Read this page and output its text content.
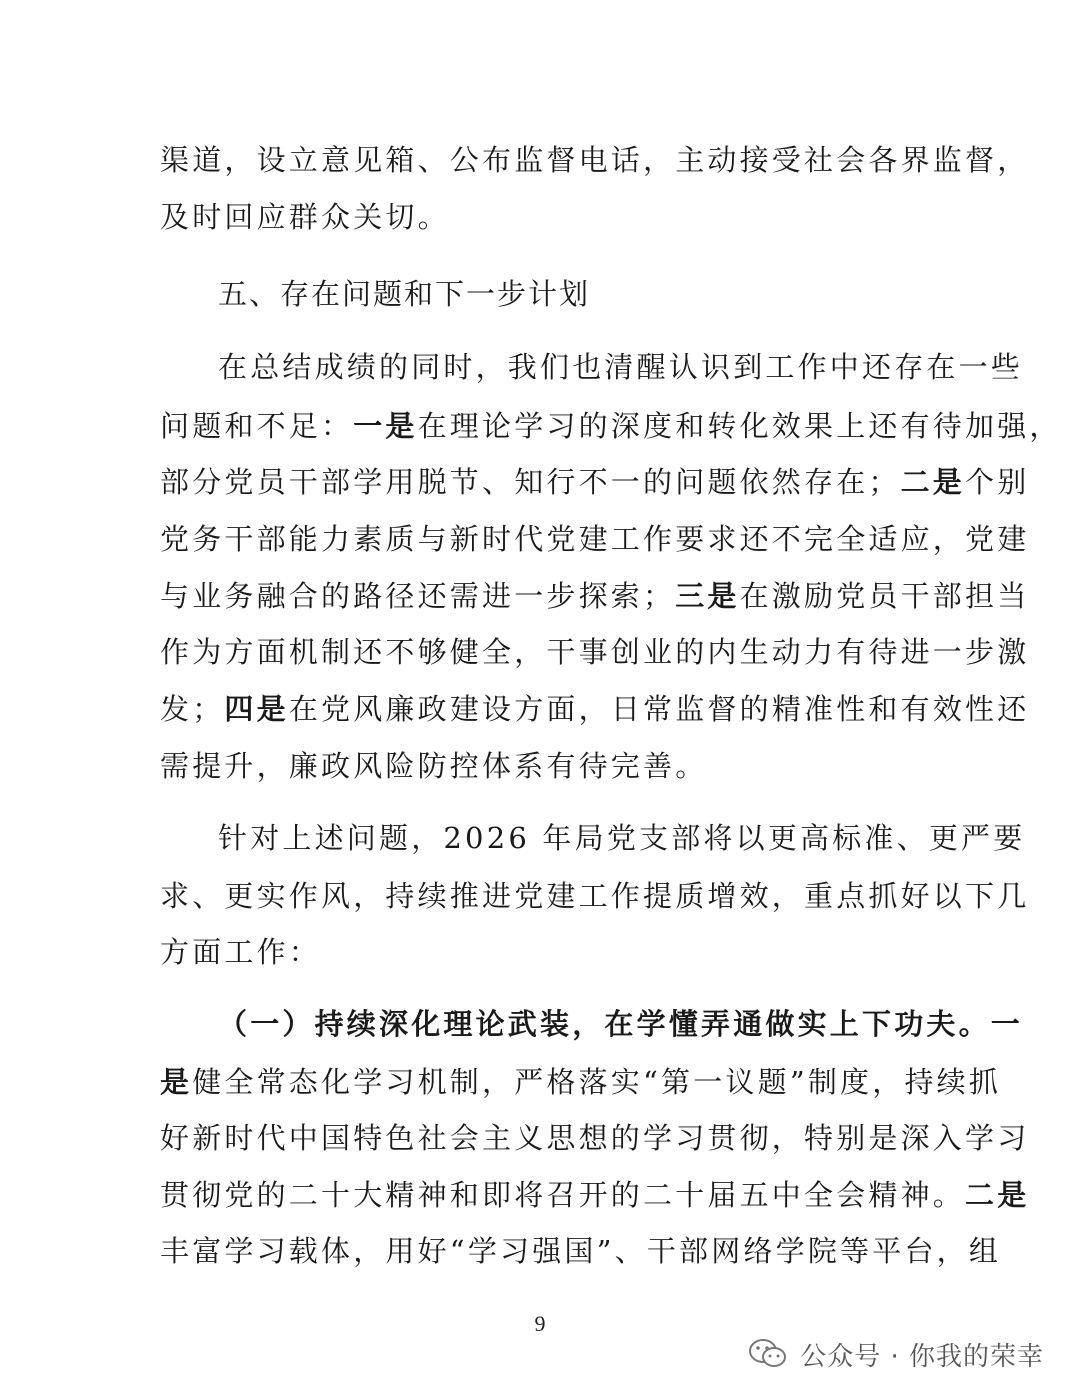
渠道，设立意见箱、公布监督电话，主动接受社会各界监督，
及时回应群众关切。
五、存在问题和下一步计划
在总结成绩的同时，我们也清醒认识到工作中还存在一些
问题和不足：一是在理论学习的深度和转化效果上还有待加强，
部分党员干部学用脱节、知行不一的问题依然存在；二是个别
党务干部能力素质与新时代党建工作要求还不完全适应，党建
与业务融合的路径还需进一步探索；三是在激励党员干部担当
作为方面机制还不够健全，干事创业的内生动力有待进一步激
发；四是在党风廉政建设方面，日常监督的精准性和有效性还
需提升，廉政风险防控体系有待完善。
针对上述问题，2026 年局党支部将以更高标准、更严要
求、更实作风，持续推进党建工作提质增效，重点抓好以下几
方面工作：
（一）持续深化理论武装，在学懂弄通做实上下功夫。一
是健全常态化学习机制，严格落实“第一议题”制度，持续抓
好新时代中国特色社会主义思想的学习贯彻，特别是深入学习
贯彻党的二十大精神和即将召开的二十届五中全会精神。二是
丰富学习载体，用好“学习强国”、干部网络学院等平台，组
9
公众号 · 你我的荣幸
